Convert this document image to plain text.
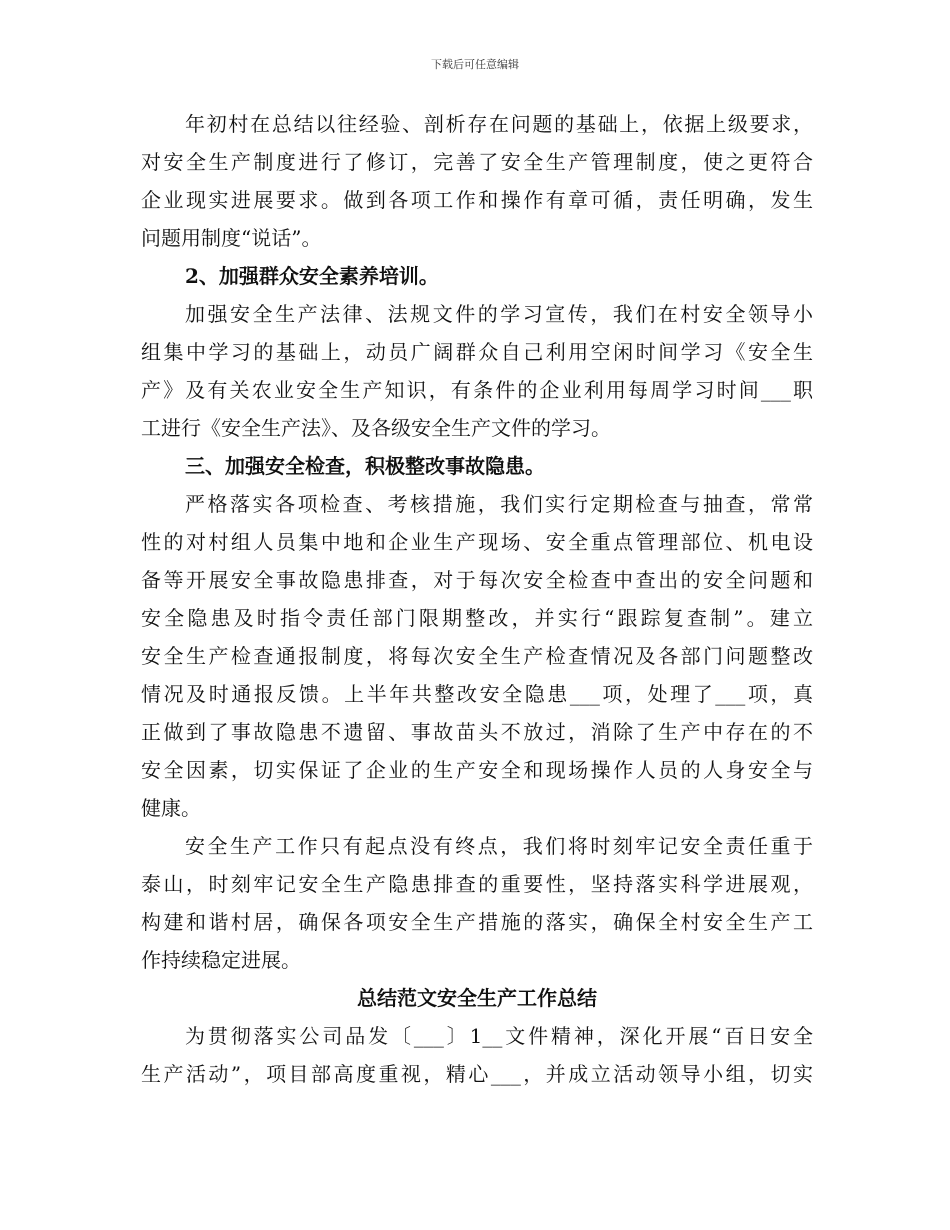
下载后可任意编辑
年初村在总结以往经验、剖析存在问题的基础上，依据上级要求，
对安全生产制度进行了修订，完善了安全生产管理制度，使之更符合
企业现实进展要求。做到各项工作和操作有章可循，责任明确，发生
问题用制度“说话”。
2、加强群众安全素养培训。
加强安全生产法律、法规文件的学习宣传，我们在村安全领导小
组集中学习的基础上，动员广阔群众自己利用空闲时间学习《安全生
产》及有关农业安全生产知识，有条件的企业利用每周学习时间___职
工进行《安全生产法》、及各级安全生产文件的学习。
三、加强安全检查，积极整改事故隐患。
严格落实各项检查、考核措施，我们实行定期检查与抽查，常常
性的对村组人员集中地和企业生产现场、安全重点管理部位、机电设
备等开展安全事故隐患排查，对于每次安全检查中查出的安全问题和
安全隐患及时指令责任部门限期整改，并实行“跟踪复查制”。建立
安全生产检查通报制度，将每次安全生产检查情况及各部门问题整改
情况及时通报反馈。上半年共整改安全隐患___项，处理了___项，真
正做到了事故隐患不遗留、事故苗头不放过，消除了生产中存在的不
安全因素，切实保证了企业的生产安全和现场操作人员的人身安全与
健康。
安全生产工作只有起点没有终点，我们将时刻牢记安全责任重于
泰山，时刻牢记安全生产隐患排查的重要性，坚持落实科学进展观，
构建和谐村居，确保各项安全生产措施的落实，确保全村安全生产工
作持续稳定进展。
总结范文安全生产工作总结
为贯彻落实公司品发〔___〕1__文件精神，深化开展“百日安全
生产活动”，项目部高度重视，精心___，并成立活动领导小组，切实
